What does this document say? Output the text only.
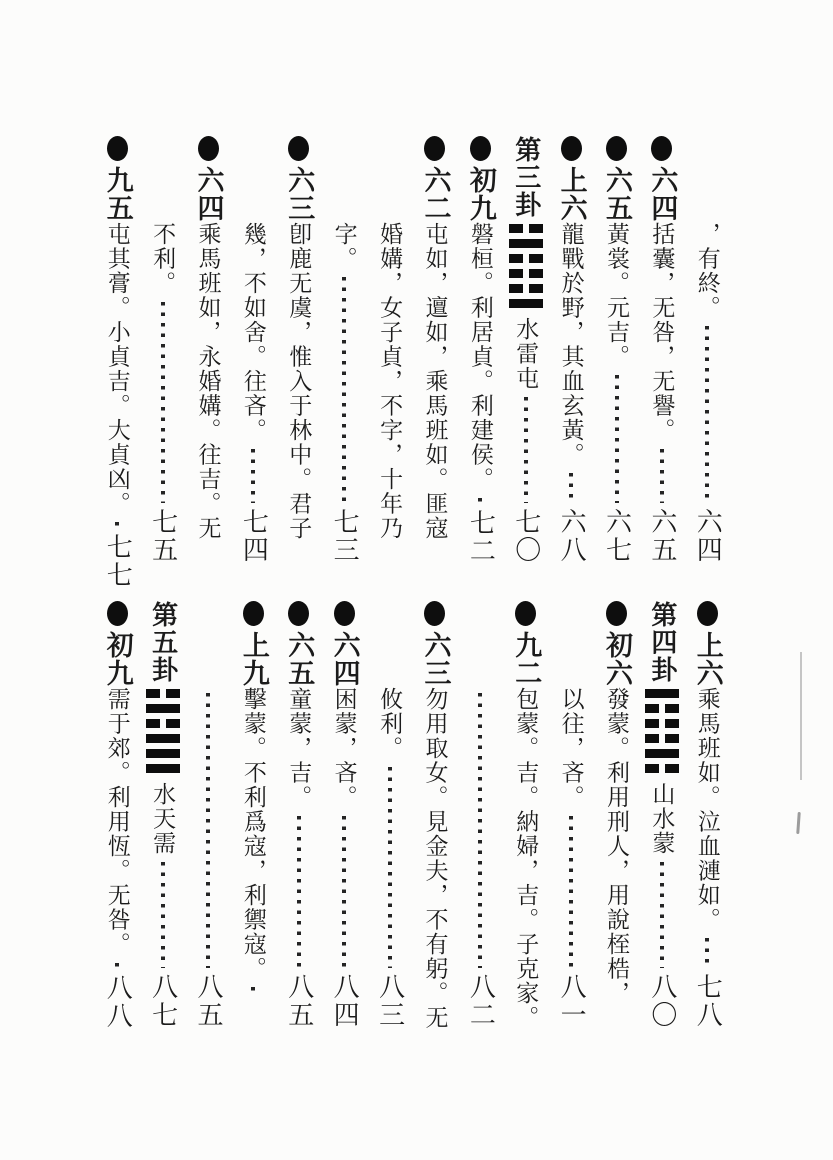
，有終。
六四
六四
括囊，无咎，无譽。
六五
六五
黃裳。元吉。
六七
上六
龍戰於野，其血玄黃。
六八
第三卦
水雷屯
七〇
初九
磐桓。利居貞。利建侯。
七二
六二
屯如，邅如，乘馬班如。匪寇
婚媾，女子貞，不字，十年乃
字。
七三
六三
卽鹿无虞，惟入于林中。君子
幾，不如舍。往吝。
七四
六四
乘馬班如，永婚媾。往吉。无
不利。
七五
九五
屯其膏。小貞吉。大貞凶。
七七
上六
乘馬班如。泣血漣如。
七八
第四卦
山水蒙
八〇
初六
發蒙。利用刑人，用說桎梏，
以往，吝。
八一
九二
包蒙。吉。納婦，吉。子克家。
八二
六三
勿用取女。見金夫，不有躬。无
攸利。
八三
六四
困蒙，吝。
八四
六五
童蒙，吉。
八五
上九
擊蒙。不利爲寇，利禦寇。
八五
第五卦
水天需
八七
初九
需于郊。利用恆。无咎。
八八
